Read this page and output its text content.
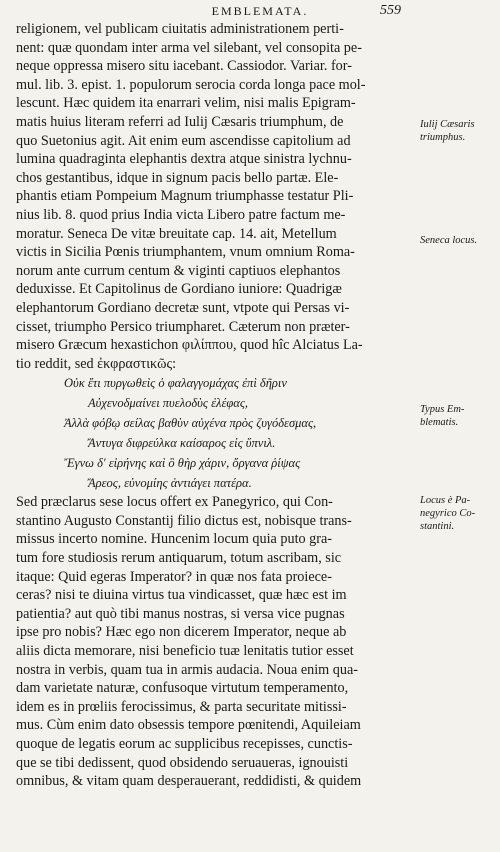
EMBLEMATA.	559
religionem, vel publicam ciuitatis administrationem perti-
nent: quæ quondam inter arma vel silebant, vel consopita pe-
neque oppressa misero situ iacebant. Cassiodor. Variar. for-
mul. lib. 3. epist. 1. populorum serocia corda longa pace mol-
lescunt. Hæc quidem ita enarrari velim, nisi malis Epigram-
matis huius literam referri ad Iulij Cæsaris triumphum, de
quo Suetonius agit. Ait enim eum ascendisse capitolium ad
lumina quadraginta elephantis dextra atque sinistra lychnu-
chos gestantibus, idque in signum pacis bello partæ. Ele-
phantis etiam Pompeium Magnum triumphasse testatur Pli-
nius lib. 8. quod prius India victa Libero patre factum me-
moratur. Seneca De vitæ breuitate cap. 14. ait, Metellum
victis in Sicilia Pœnis triumphantem, vnum omnium Roma-
norum ante currum centum & viginti captiuos elephantos
deduxisse. Et Capitolinus de Gordiano iuniore: Quadrigæ
elephantorum Gordiano decretæ sunt, vtpote qui Persas vi-
cisset, triumpho Persico triumpharet. Cæterum non præter-
misero Græcum hexastichon φιλίππου, quod hîc Alciatus La-
tio reddit, sed ἐκφραστικῶς:
Οὐκ ἔτι πυργωθεὶς ὁ φαλαγγομάχας ἐπὶ δῆριν
Αὐχενοδμαίνει πυελοδὺς ἐλέφας,
Ἀλλὰ φόβῳ σείλας βαθὺν αὐχένα πρὸς ζυγόδεσμας,
Ἄντυγα διφρεύλκα καίσαρος εἰς ὕπνιλ.
Ἔγνω δ' εἰρήνης καὶ ὃ θὴρ χάριν, ὄργανα ῥίψας
Ἄρεος, εὐνομίης ἀντιάγει πατέρα.
Sed præclarus sese locus offert ex Panegyrico, qui Con-
stantino Augusto Constantij filio dictus est, nobisque trans-
missus incerto nomine. Huncenim locum quia puto gra-
tum fore studiosis rerum antiquarum, totum ascribam, sic
itaque: Quid egeras Imperator? in quæ nos fata proiece-
ceras? nisi te diuina virtus tua vindicasset, quæ hæc est im
patientia? aut quò tibi manus nostras, si versa vice pugnas
ipse pro nobis? Hæc ego non dicerem Imperator, neque ab
aliis dicta memorare, nisi beneficio tuæ lenitatis tutior esset
nostra in verbis, quam tua in armis audacia. Noua enim qua-
dam varietate naturæ, confusoque virtutum temperamento,
idem es in prœliis ferocissimus, & parta securitate mitissi-
mus. Cùm enim dato obsessis tempore pœnitendi, Aquileiam
quoque de legatis eorum ac supplicibus recepisses, cunctis-
que se tibi dedissent, quod obsidendo seruaueras, ignouisti
omnibus, & vitam quam desperauerant, reddidisti, & quidem
Iulij Cæsaris
triumphus.
Seneca locus.
Typus Em-
blematis.
Locus è Pa-
negyrico Co-
stantini.
